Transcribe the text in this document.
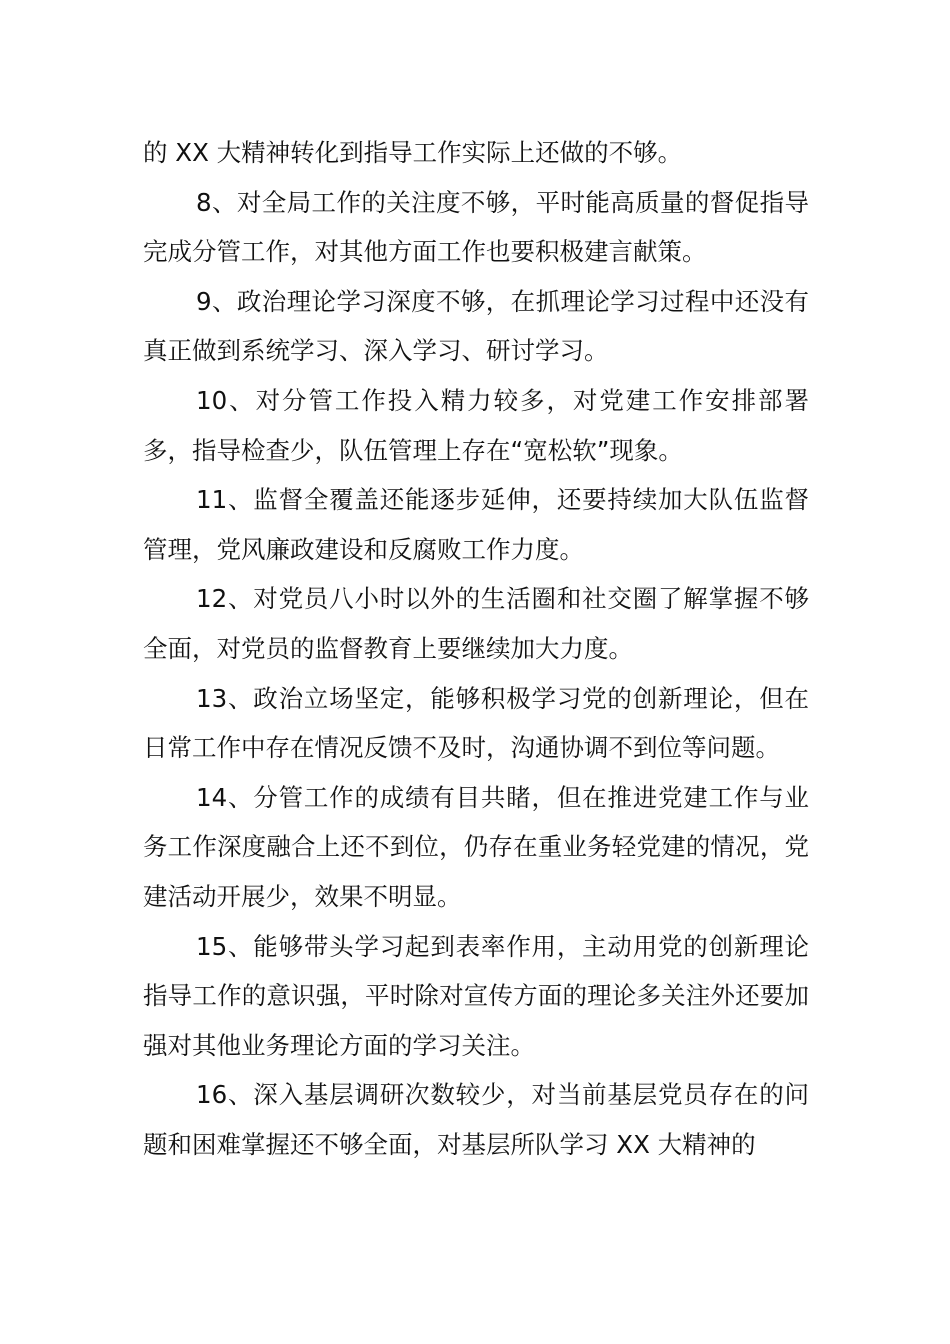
的 XX 大精神转化到指导工作实际上还做的不够。

8、对全局工作的关注度不够，平时能高质量的督促指导完成分管工作，对其他方面工作也要积极建言献策。

9、政治理论学习深度不够，在抓理论学习过程中还没有真正做到系统学习、深入学习、研讨学习。

10、对分管工作投入精力较多，对党建工作安排部署多，指导检查少，队伍管理上存在“宽松软”现象。

11、监督全覆盖还能逐步延伸，还要持续加大队伍监督管理，党风廉政建设和反腐败工作力度。

12、对党员八小时以外的生活圈和社交圈了解掌握不够全面，对党员的监督教育上要继续加大力度。

13、政治立场坚定，能够积极学习党的创新理论，但在日常工作中存在情况反馈不及时，沟通协调不到位等问题。

14、分管工作的成绩有目共睹，但在推进党建工作与业务工作深度融合上还不到位，仍存在重业务轻党建的情况，党建活动开展少，效果不明显。

15、能够带头学习起到表率作用，主动用党的创新理论指导工作的意识强，平时除对宣传方面的理论多关注外还要加强对其他业务理论方面的学习关注。

16、深入基层调研次数较少，对当前基层党员存在的问题和困难掌握还不够全面，对基层所队学习 XX 大精神的
